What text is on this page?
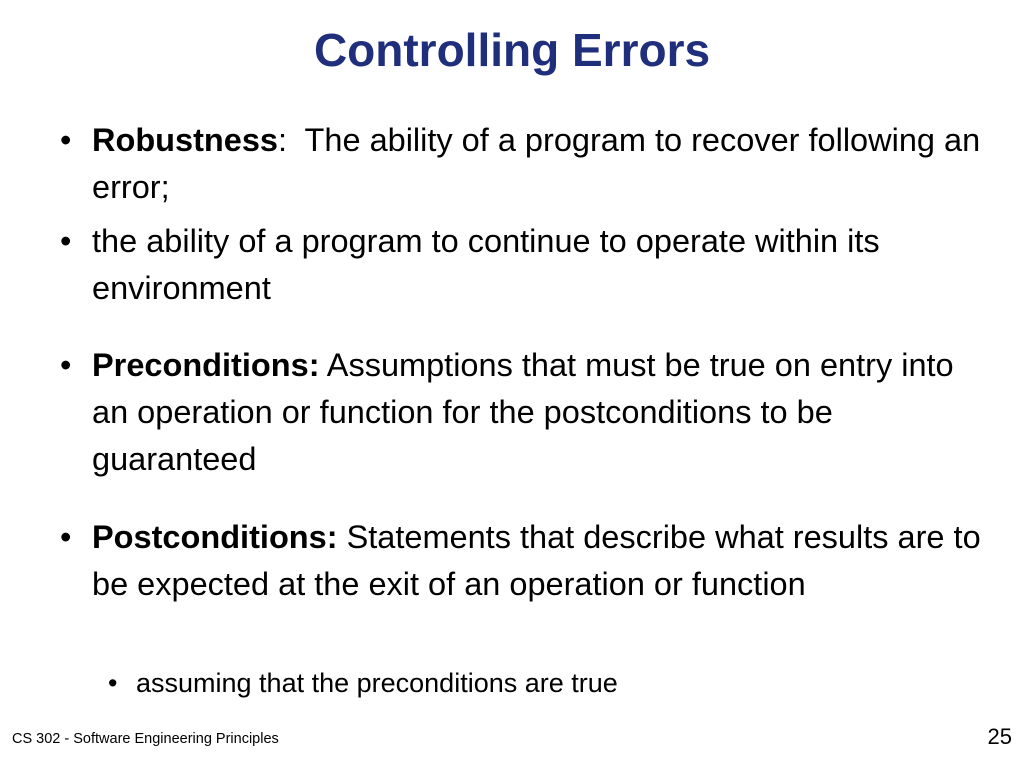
Controlling Errors
• Robustness:  The ability of a program to recover following an error;
• the ability of a program to continue to operate within its environment
• Preconditions: Assumptions that must be true on entry into an operation or function for the postconditions to be guaranteed
• Postconditions: Statements that describe what results are to be expected at the exit of an operation or function
• assuming that the preconditions are true
CS 302 - Software Engineering Principles	25
